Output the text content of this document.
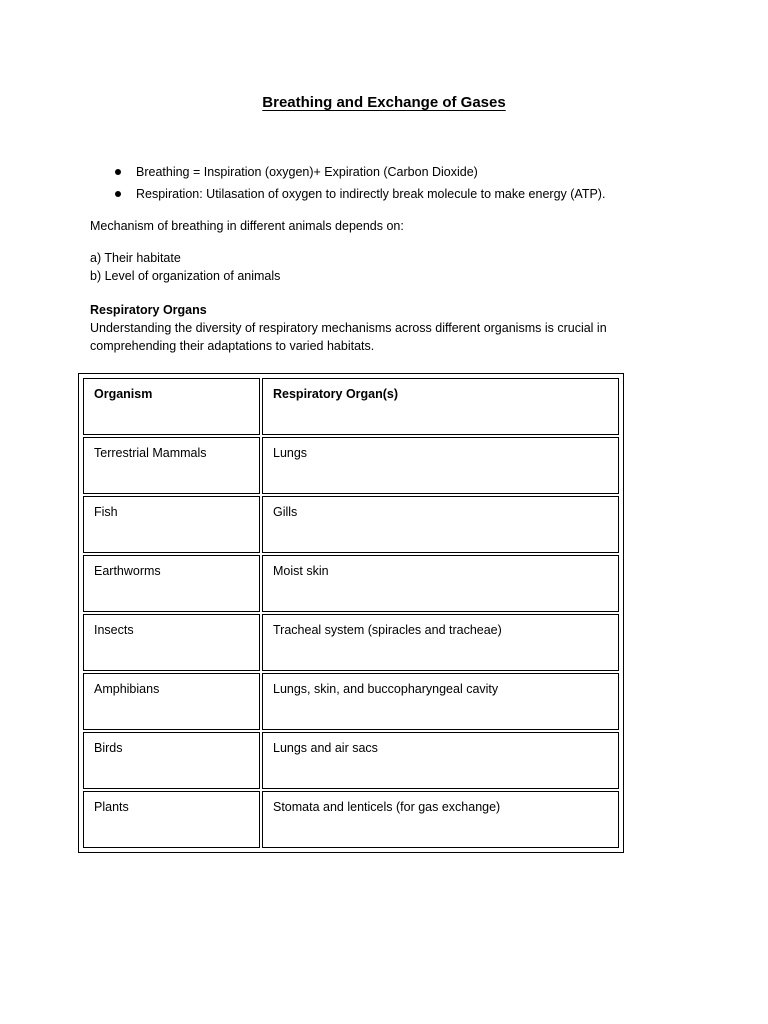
Breathing and Exchange of Gases
Breathing = Inspiration (oxygen)+ Expiration (Carbon Dioxide)
Respiration: Utilasation of oxygen to indirectly break molecule to make energy (ATP).
Mechanism of breathing in different animals depends on:
a) Their habitate
b) Level of organization of animals
Respiratory Organs
Understanding the diversity of respiratory mechanisms across different organisms is crucial in
comprehending their adaptations to varied habitats.
Organism	Respiratory Organ(s)
Terrestrial Mammals	Lungs
Fish	Gills
Earthworms	Moist skin
Insects	Tracheal system (spiracles and tracheae)
Amphibians	Lungs, skin, and buccopharyngeal cavity
Birds	Lungs and air sacs
Plants	Stomata and lenticels (for gas exchange)
